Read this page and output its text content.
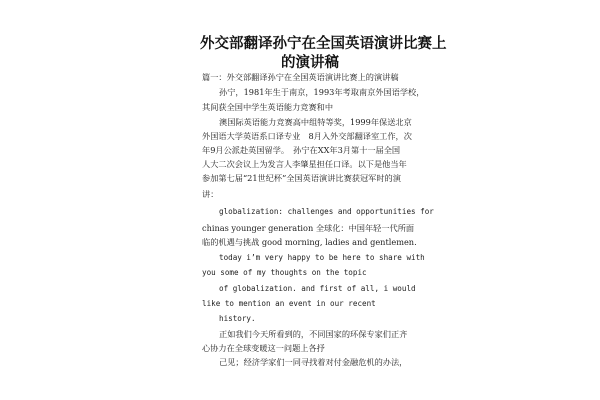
外交部翻译孙宁在全国英语演讲比赛上
的演讲稿
篇一：外交部翻译孙宁在全国英语演讲比赛上的演讲稿
孙宁，1981年生于南京，1993年考取南京外国语学校，
其间获全国中学生英语能力竞赛和中
澳国际英语能力竞赛高中组特等奖，1999年保送北京
外国语大学英语系口译专业　8月入外交部翻译室工作，次
年9月公派赴英国留学。　孙宁在XX年3月第十一届全国
人大二次会议上为发言人李肇星担任口译。以下是他当年
参加第七届“21世纪杯”全国英语演讲比赛获冠军时的演
讲：
globalization: challenges and opportunities for
chinas younger generation 全球化：中国年轻一代所面
临的机遇与挑战 good morning, ladies and gentlemen.
today i’m very happy to be here to share with
you some of my thoughts on the topic
of globalization. and first of all, i would
like to mention an event in our recent
history.
正如我们今天所看到的，不同国家的环保专家们正齐
心协力在全球变暖这一问题上各抒
己见；经济学家们一同寻找着对付金融危机的办法，
